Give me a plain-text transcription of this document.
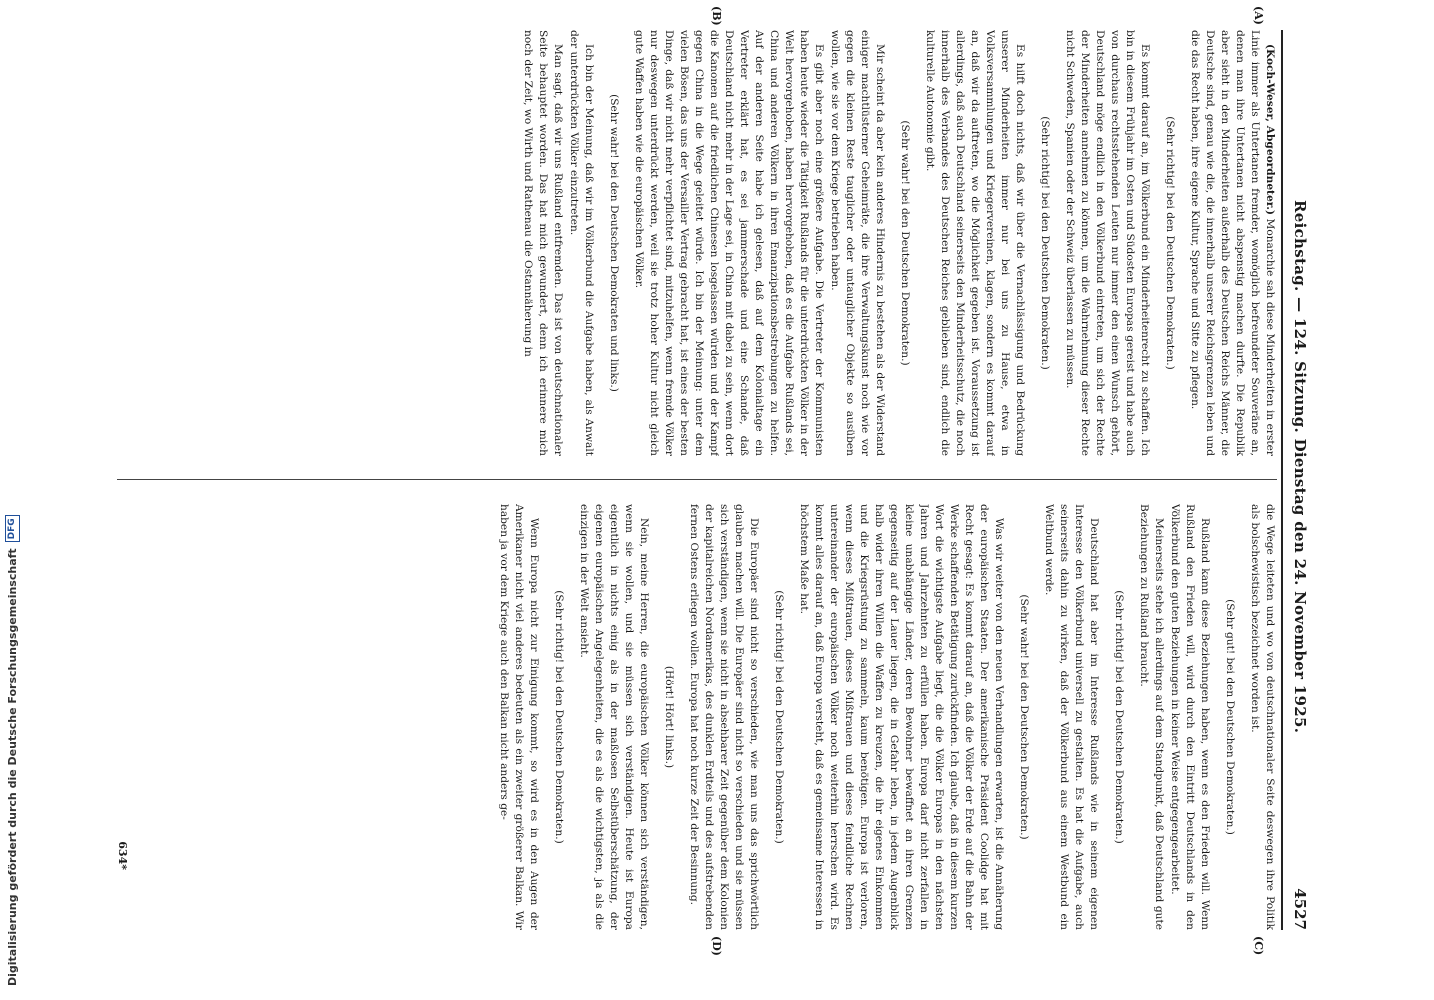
Reichstag. — 124. Sitzung. Dienstag den 24. November 1925.
4527
(A)
(B)
(C)
(D)

(Koch-Weser, Abgeordneter.) Monarchie sah diese Minderheiten in erster Linie immer als Untertanen fremder, womöglich befreundeter Souveräne an, denen man ihre Untertanen nicht abspenstig machen durfte. Die Republik aber sieht in den Minderheiten außerhalb des Deutschen Reichs Männer, die Deutsche sind, genau wie die, die innerhalb unserer Reichsgrenzen leben und die das Recht haben, ihre eigene Kultur, Sprache und Sitte zu pflegen.

(Sehr richtig! bei den Deutschen Demokraten.)

Es kommt darauf an, im Völkerbund ein Minderheitenrecht zu schaffen. Ich bin in diesem Frühjahr im Osten und Südosten Europas gereist und habe auch von durchaus rechtsstehenden Leuten nur immer den einen Wunsch gehört, Deutschland möge endlich in den Völkerbund eintreten, um sich der Rechte der Minderheiten annehmen zu können, um die Wahrnehmung dieser Rechte nicht Schweden, Spanien oder der Schweiz überlassen zu müssen.

(Sehr richtig! bei den Deutschen Demokraten.)

Es hilft doch nichts, daß wir über die Vernachlässigung und Bedrückung unserer Minderheiten immer nur bei uns zu Hause, etwa in Volksversammlungen und Kriegervereinen, klagen, sondern es kommt darauf an, daß wir da auftreten, wo die Möglichkeit gegeben ist. Voraussetzung ist allerdings, daß auch Deutschland seinerseits den Minderheitsschutz, die noch innerhalb des Verbandes des Deutschen Reiches geblieben sind, endlich die kulturelle Autonomie gibt.

(Sehr wahr! bei den Deutschen Demokraten.)

Mir scheint da aber kein anderes Hindernis zu bestehen als der Widerstand einiger machtlüsterner Geheimräte, die ihre Verwaltungskunst noch wie vor gegen die kleinen Reste tauglicher oder untauglicher Objekte so ausüben wollen, wie sie vor dem Kriege betrieben haben.

Es gibt aber noch eine größere Aufgabe. Die Vertreter der Kommunisten haben heute wieder die Tätigkeit Rußlands für die unterdrückten Völker in der Welt hervorgehoben, haben hervorgehoben, daß es die Aufgabe Rußlands sei, China und anderen Völkern in ihren Emanzipationsbestrebungen zu helfen. Auf der anderen Seite habe ich gelesen, daß auf dem Kolonialtage ein Vertreter erklärt hat, es sei jammerschade und eine Schande, daß Deutschland nicht mehr in der Lage sei, in China mit dabei zu sein, wenn dort die Kanonen auf die friedlichen Chinesen losgelassen würden und der Kampf gegen China in die Wege geleitet würde. Ich bin der Meinung: unter dem vielen Bösen, das uns der Versailler Vertrag gebracht hat, ist eines der besten Dinge, daß wir nicht mehr verpflichtet sind, mitzuhelfen, wenn fremde Völker nur deswegen unterdrückt werden, weil sie trotz hoher Kultur nicht gleich gute Waffen haben wie die europäischen Völker.

(Sehr wahr! bei den Deutschen Demokraten und links.)

Ich bin der Meinung, daß wir im Völkerbund die Aufgabe haben, als Anwalt der unterdrückten Völker einzutreten.

Man sagt, daß wir uns Rußland entfremden. Das ist von deutschnationaler Seite behauptet worden. Das hat mich gewundert, denn ich erinnere mich noch der Zeit, wo Wirth und Rathenau die Ostannäherung in

die Wege leiteten und wo von deutschnationaler Seite deswegen ihre Politik als bolschewistisch bezeichnet worden ist.

(Sehr gut! bei den Deutschen Demokraten.)

Rußland kann diese Beziehungen haben, wenn es den Frieden will. Wenn Rußland den Frieden will, wird durch den Eintritt Deutschlands in den Völkerbund den guten Beziehungen in keiner Weise entgegengearbeitet.

Meinerseits stehe ich allerdings auf dem Standpunkt, daß Deutschland gute Beziehungen zu Rußland braucht.

(Sehr richtig! bei den Deutschen Demokraten.)

Deutschland hat aber im Interesse Rußlands wie in seinem eigenen Interesse den Völkerbund universell zu gestalten. Es hat die Aufgabe, auch seinerseits dahin zu wirken, daß der Völkerbund aus einem Westbund ein Weltbund werde.

(Sehr wahr! bei den Deutschen Demokraten.)

Was wir weiter von den neuen Verhandlungen erwarten, ist die Annäherung der europäischen Staaten. Der amerikanische Präsident Coolidge hat mit Recht gesagt: Es kommt darauf an, daß die Völker der Erde auf die Bahn der Werke schaffenden Betätigung zurückfinden. Ich glaube, daß in diesem kurzen Wort die wichtigste Aufgabe liegt, die die Völker Europas in den nächsten Jahren und Jahrzehnten zu erfüllen haben. Europa darf nicht zerfallen in kleine unabhängige Länder, deren Bewohner bewaffnet an ihren Grenzen gegenseitig auf der Lauer liegen, die in Gefahr leben, in jedem Augenblick halb wider ihren Willen die Waffen zu kreuzen, die ihr eigenes Einkommen und die Kriegsrüstung zu sammeln, kaum benötigen. Europa ist verloren, wenn dieses Mißtrauen, dieses Mißtrauen und dieses feindliche Rechnen untereinander der europäischen Völker noch weiterhin herrschen wird. Es kommt alles darauf an, daß Europa versteht, daß es gemeinsame Interessen in höchstem Maße hat.

(Sehr richtig! bei den Deutschen Demokraten.)

Die Europäer sind nicht so verschieden, wie man uns das sprichwörtlich glauben machen will. Die Europäer sind nicht so verschieden und sie müssen sich verständigen, wenn sie nicht in absehbarer Zeit gegenüber dem Kolonien der kapitalreichen Nordamerikas, des dunklen Erdteils und des aufstrebenden fernen Ostens erliegen wollen. Europa hat noch kurze Zeit der Besinnung.

(Hört! Hört! links.)

Nein, meine Herren, die europäischen Völker können sich verständigen, wenn sie wollen, und sie müssen sich verständigen. Heute ist Europa eigentlich in nichts einig als in der maßlosen Selbstüberschätzung, der eigenen europäischen Angelegenheiten, die es als die wichtigsten, ja als die einzigen in der Welt ansieht.

(Sehr richtig! bei den Deutschen Demokraten.)

Wenn Europa nicht zur Einigung kommt, so wird es in den Augen der Amerikaner nicht viel anderes bedeuten als ein zweiter größerer Balkan. Wir haben ja vor dem Kriege auch den Balkan nicht anders ge-

634*
Digitalisierung gefördert durch die Deutsche Forschungsgemeinschaft
DFG
